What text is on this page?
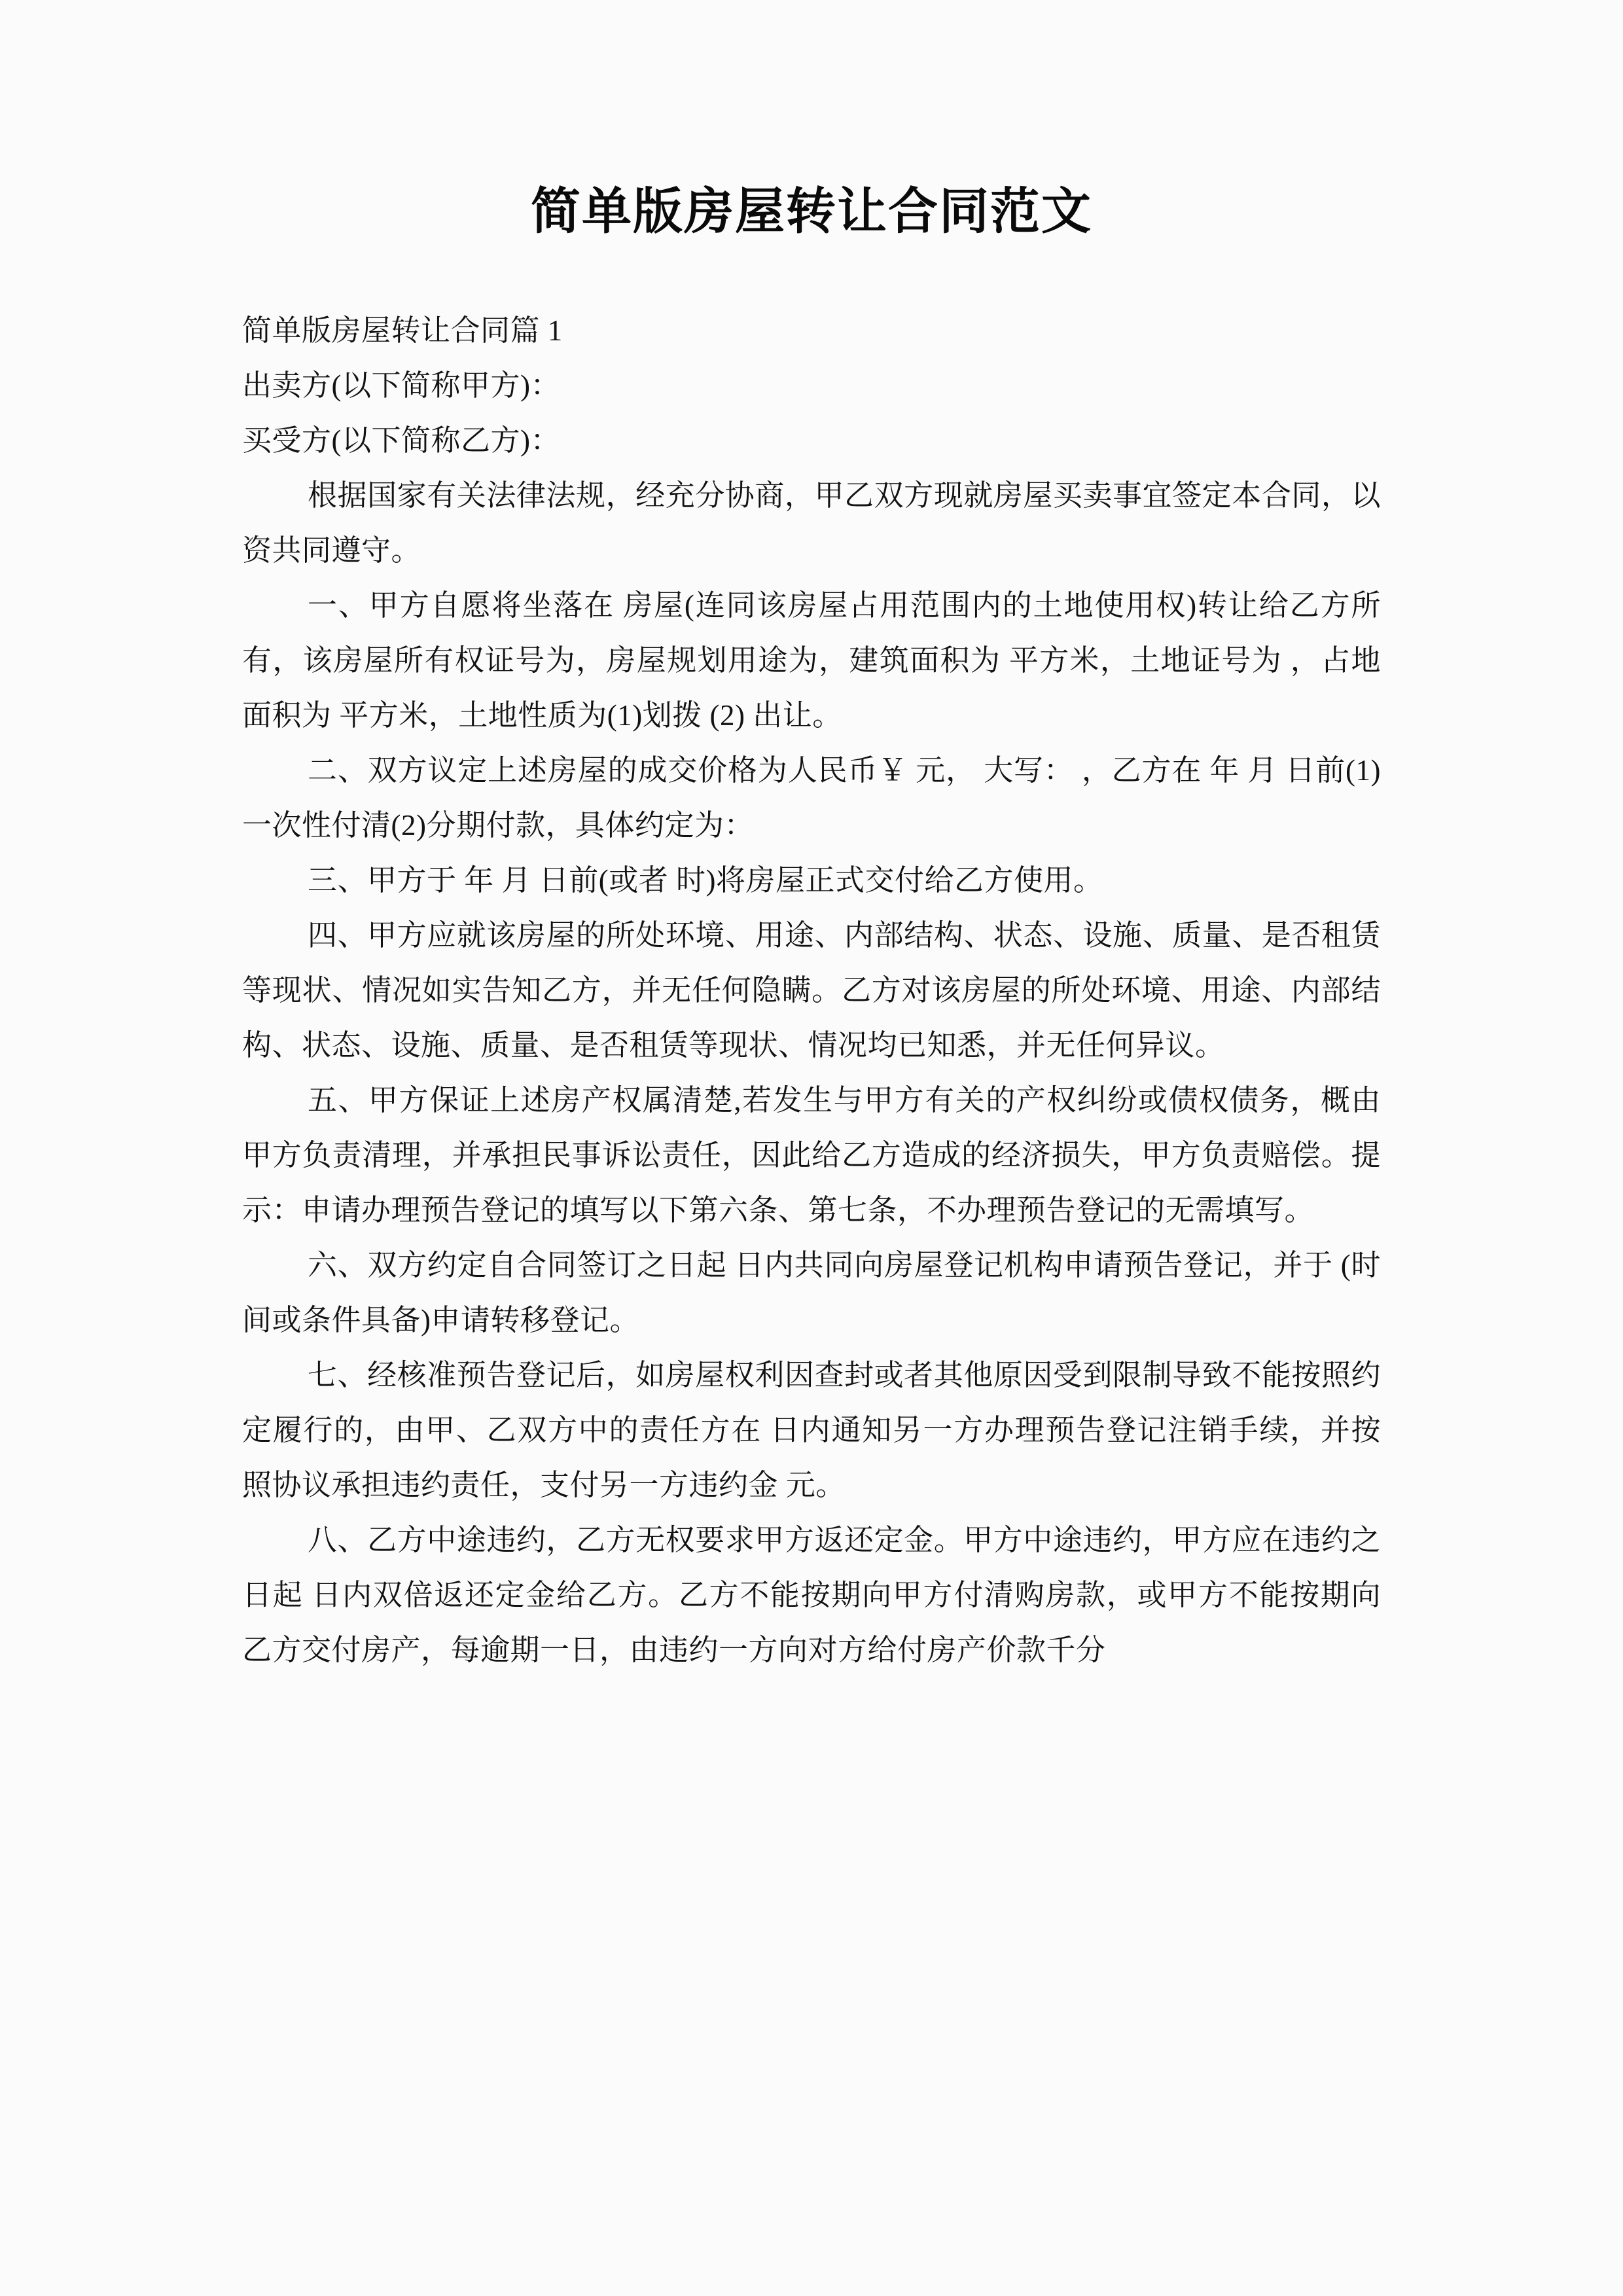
简单版房屋转让合同范文

简单版房屋转让合同篇 1

出卖方(以下简称甲方)：

买受方(以下简称乙方)：

根据国家有关法律法规，经充分协商，甲乙双方现就房屋买卖事宜签定本合同，以资共同遵守。

一、甲方自愿将坐落在 房屋(连同该房屋占用范围内的土地使用权)转让给乙方所有，该房屋所有权证号为，房屋规划用途为，建筑面积为 平方米，土地证号为 ，占地面积为 平方米，土地性质为(1)划拨 (2) 出让。

二、双方议定上述房屋的成交价格为人民币￥ 元， 大写： ，乙方在 年 月 日前(1)一次性付清(2)分期付款，具体约定为：

三、甲方于 年 月 日前(或者 时)将房屋正式交付给乙方使用。

四、甲方应就该房屋的所处环境、用途、内部结构、状态、设施、质量、是否租赁等现状、情况如实告知乙方，并无任何隐瞒。乙方对该房屋的所处环境、用途、内部结构、状态、设施、质量、是否租赁等现状、情况均已知悉，并无任何异议。

五、甲方保证上述房产权属清楚,若发生与甲方有关的产权纠纷或债权债务，概由甲方负责清理，并承担民事诉讼责任，因此给乙方造成的经济损失，甲方负责赔偿。提示：申请办理预告登记的填写以下第六条、第七条，不办理预告登记的无需填写。

六、双方约定自合同签订之日起 日内共同向房屋登记机构申请预告登记，并于 (时间或条件具备)申请转移登记。

七、经核准预告登记后，如房屋权利因查封或者其他原因受到限制导致不能按照约定履行的，由甲、乙双方中的责任方在 日内通知另一方办理预告登记注销手续，并按照协议承担违约责任，支付另一方违约金 元。

八、乙方中途违约，乙方无权要求甲方返还定金。甲方中途违约，甲方应在违约之日起 日内双倍返还定金给乙方。乙方不能按期向甲方付清购房款，或甲方不能按期向乙方交付房产，每逾期一日，由违约一方向对方给付房产价款千分
